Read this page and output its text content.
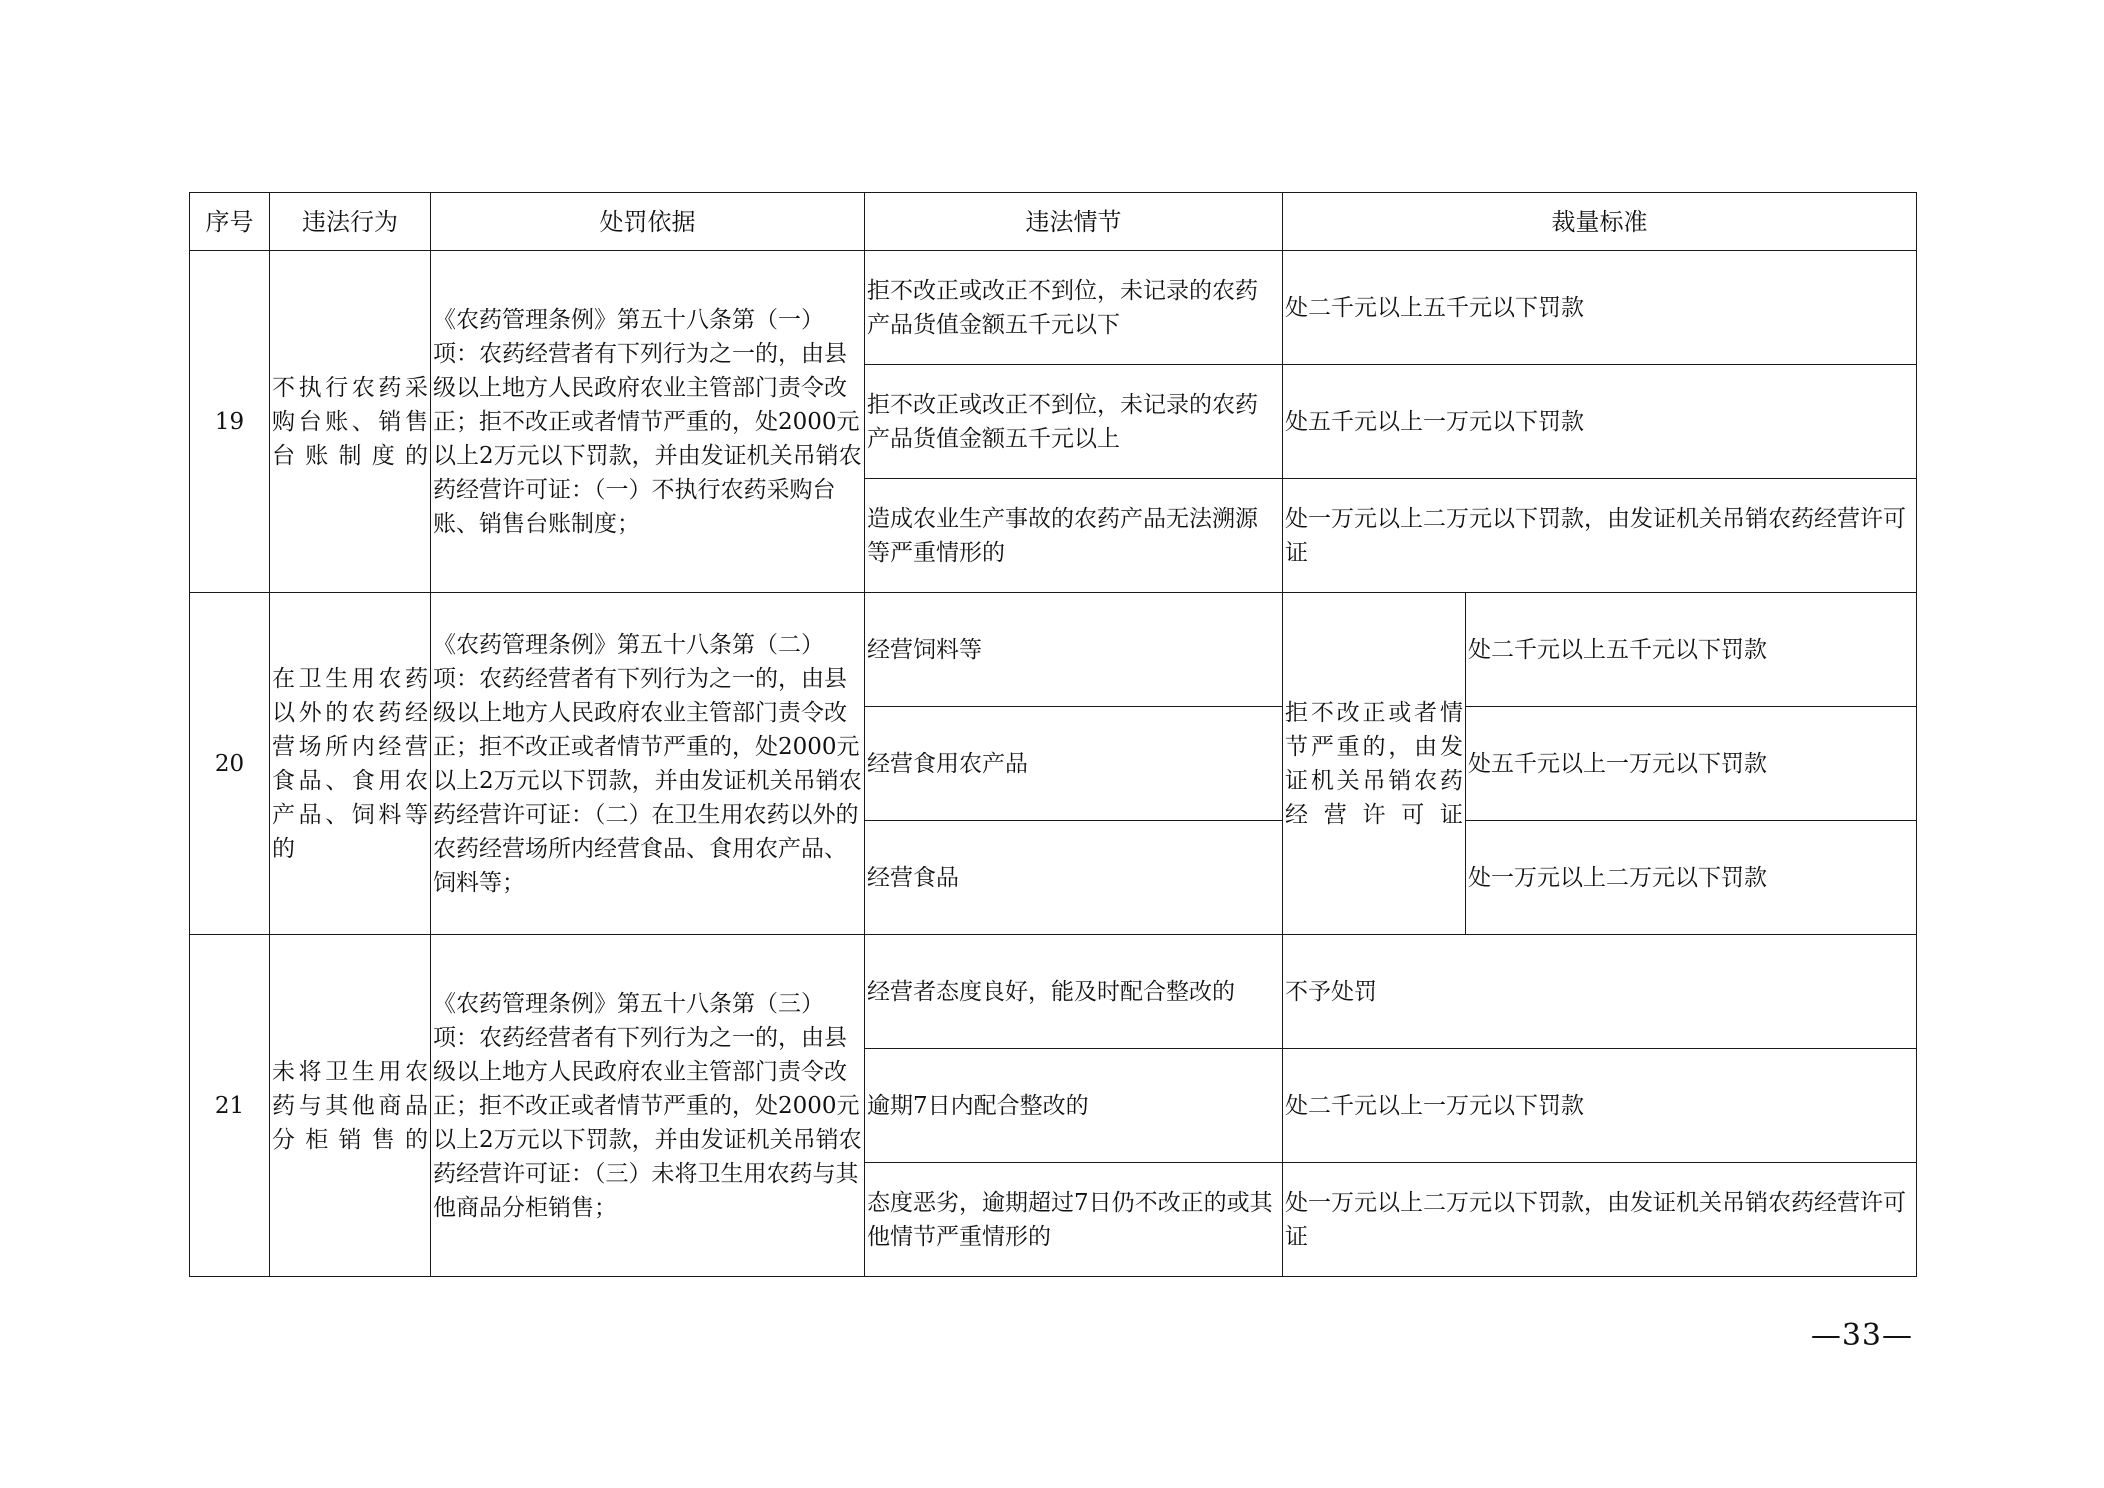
序号	违法行为	处罚依据	违法情节	裁量标准	
19	不执行农药采购台账、销售台账制度的	《农药管理条例》第五十八条第（一）项：农药经营者有下列行为之一的，由县级以上地方人民政府农业主管部门责令改正；拒不改正或者情节严重的，处2000元以上2万元以下罚款，并由发证机关吊销农药经营许可证：（一）不执行农药采购台账、销售台账制度；	拒不改正或改正不到位，未记录的农药产品货值金额五千元以下	处二千元以上五千元以下罚款	
			拒不改正或改正不到位，未记录的农药产品货值金额五千元以上	处五千元以上一万元以下罚款	
			造成农业生产事故的农药产品无法溯源等严重情形的	处一万元以上二万元以下罚款，由发证机关吊销农药经营许可证	
20	在卫生用农药以外的农药经营场所内经营食品、食用农产品、饲料等的	《农药管理条例》第五十八条第（二）项：农药经营者有下列行为之一的，由县级以上地方人民政府农业主管部门责令改正；拒不改正或者情节严重的，处2000元以上2万元以下罚款，并由发证机关吊销农药经营许可证：（二）在卫生用农药以外的农药经营场所内经营食品、食用农产品、饲料等；	经营饲料等	拒不改正或者情节严重的，由发证机关吊销农药经营许可证	处二千元以上五千元以下罚款
			经营食用农产品		处五千元以上一万元以下罚款
			经营食品		处一万元以上二万元以下罚款
21	未将卫生用农药与其他商品分柜销售的	《农药管理条例》第五十八条第（三）项：农药经营者有下列行为之一的，由县级以上地方人民政府农业主管部门责令改正；拒不改正或者情节严重的，处2000元以上2万元以下罚款，并由发证机关吊销农药经营许可证：（三）未将卫生用农药与其他商品分柜销售；	经营者态度良好，能及时配合整改的	不予处罚	
			逾期7日内配合整改的	处二千元以上一万元以下罚款	
			态度恶劣，逾期超过7日仍不改正的或其他情节严重情形的	处一万元以上二万元以下罚款，由发证机关吊销农药经营许可证	
—33—
